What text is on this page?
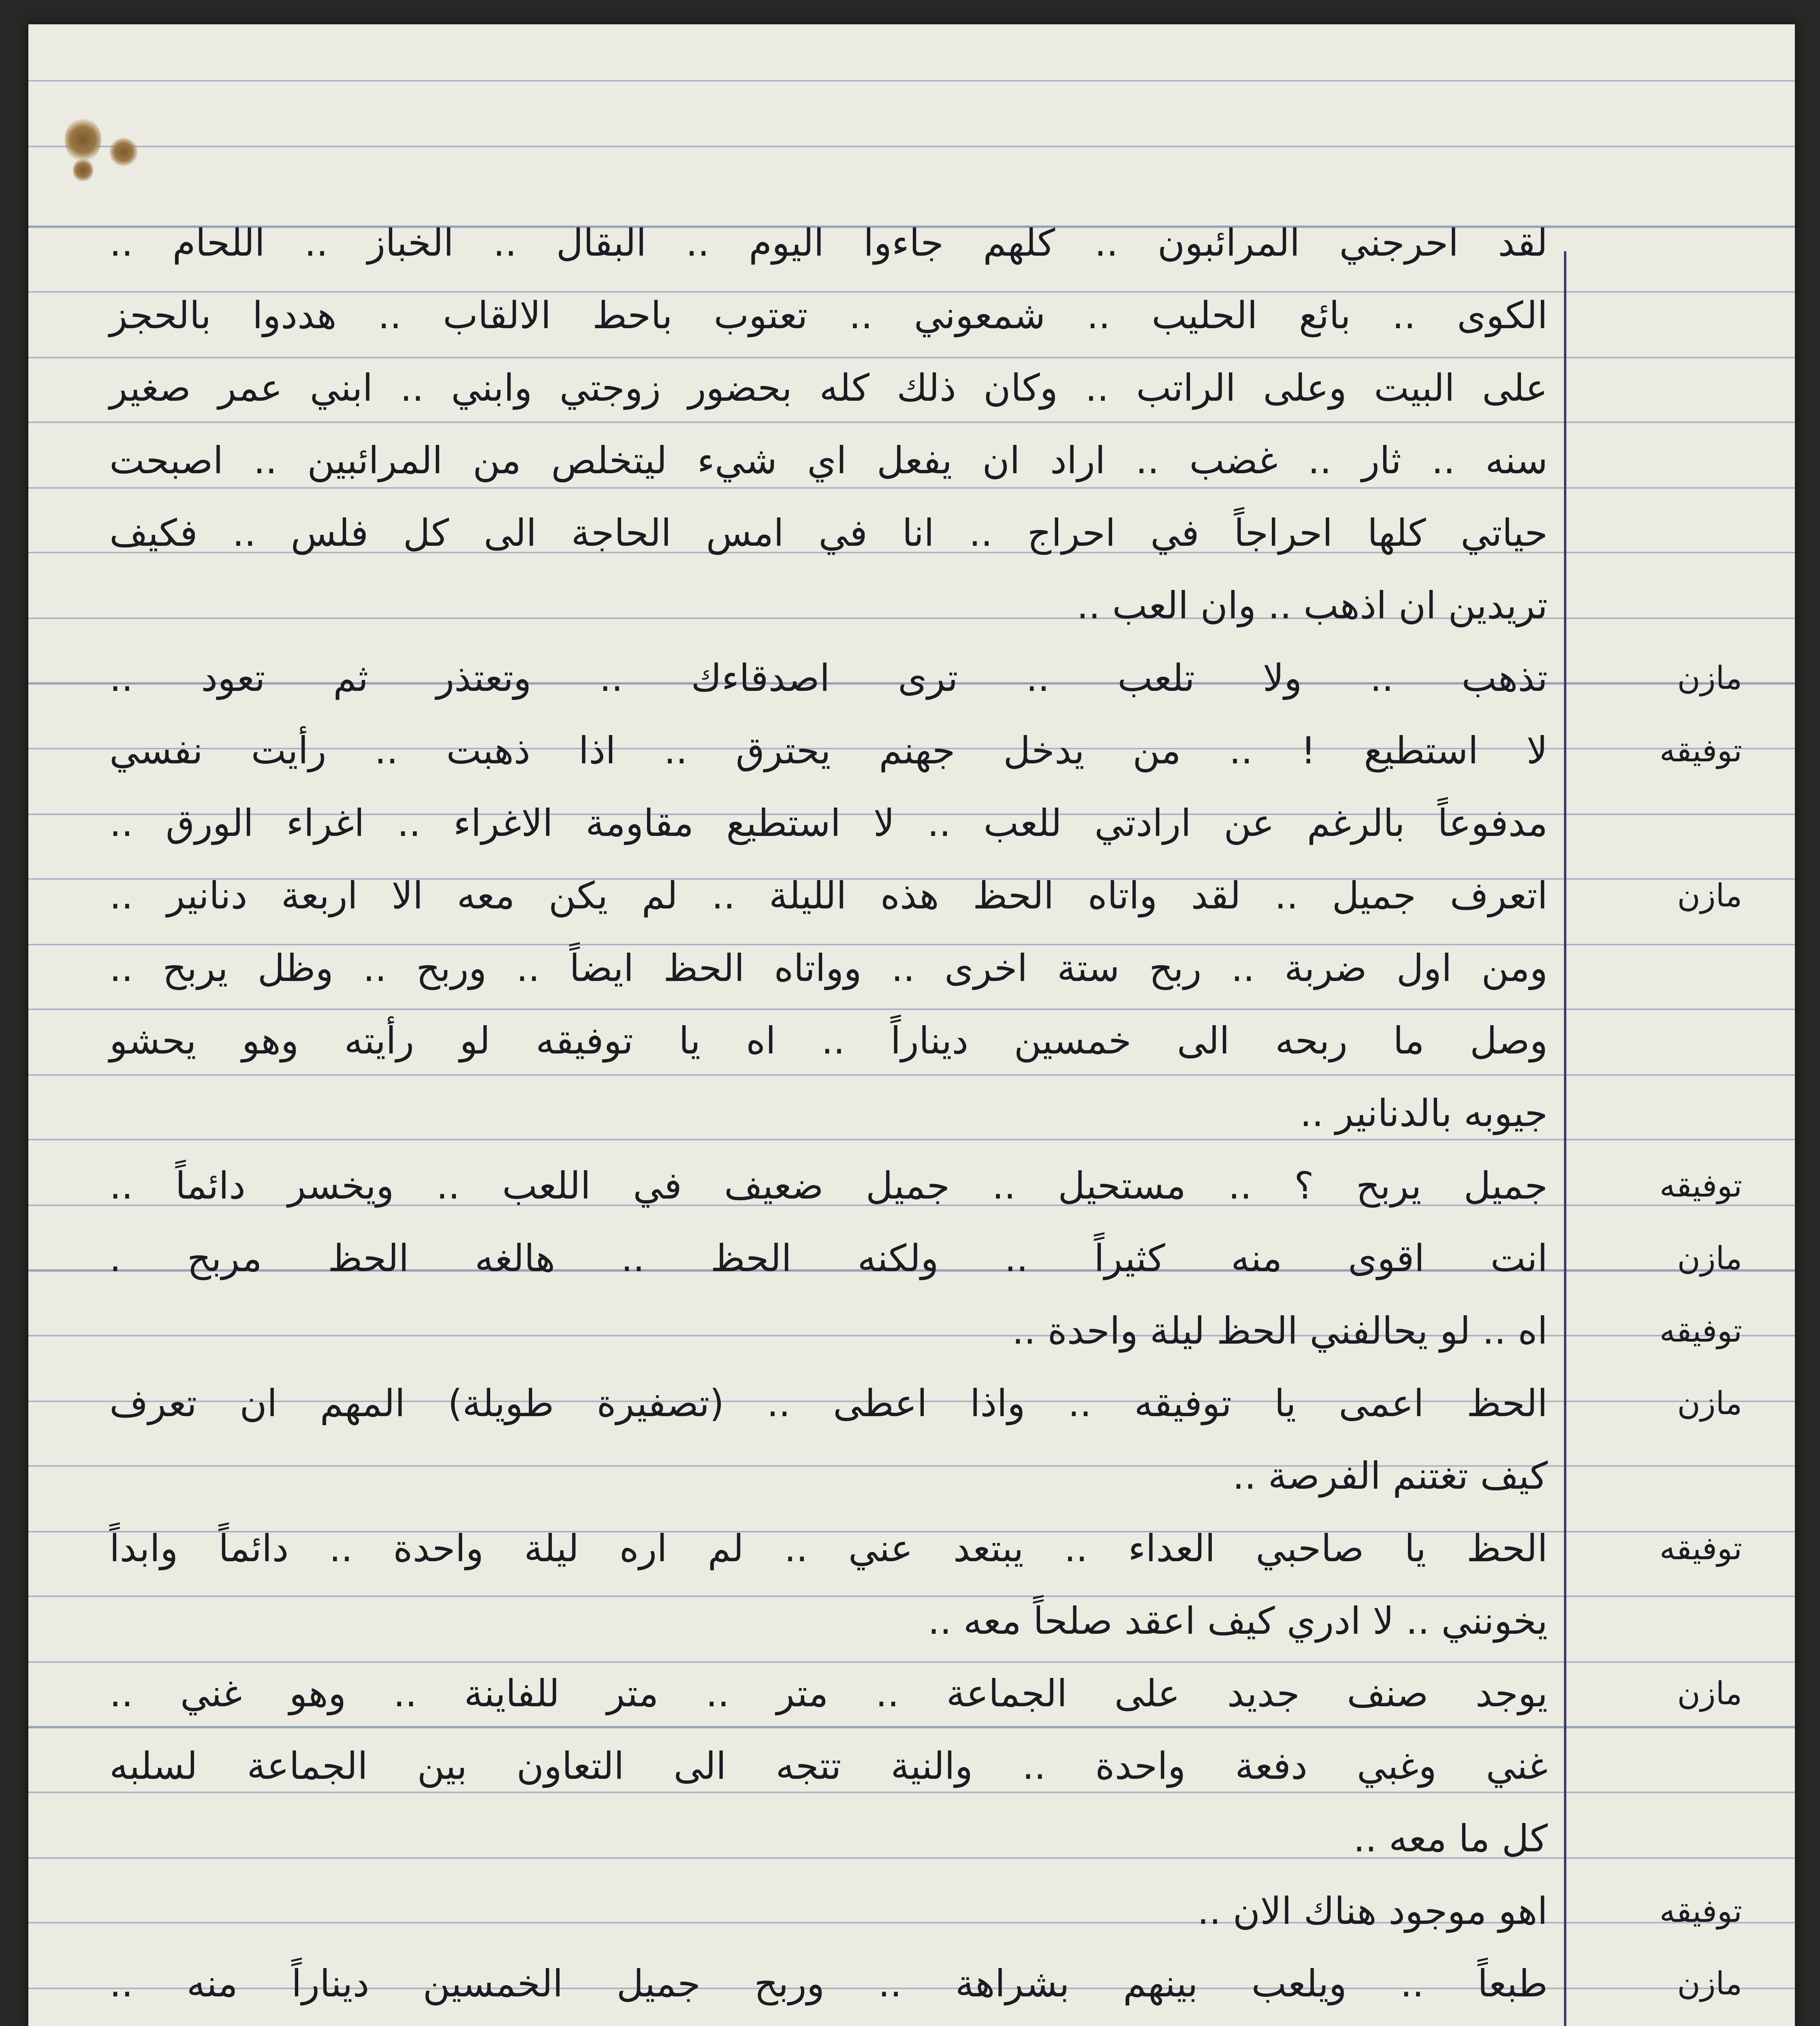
لقد احرجني المرائبون .. كلهم جاءوا اليوم .. البقال .. الخباز .. اللحام ..
الكوى .. بائع الحليب .. شمعوني .. تعتوب باحط الالقاب .. هددوا بالحجز
على البيت وعلى الراتب .. وكان ذلك كله بحضور زوجتي وابني .. ابني عمر صغير
سنه .. ثار .. غضب .. اراد ان يفعل اي شيء ليتخلص من المرائبين .. اصبحت
حياتي كلها احراجاً في احراج .. انا في امس الحاجة الى كل فلس .. فكيف
تريدين ان اذهب .. وان العب ..
تذهب .. ولا تلعب .. ترى اصدقاءك .. وتعتذر ثم تعود ..
لا استطيع ! .. من يدخل جهنم يحترق .. اذا ذهبت .. رأيت نفسي
مدفوعاً بالرغم عن ارادتي للعب .. لا استطيع مقاومة الاغراء .. اغراء الورق ..
اتعرف جميل .. لقد واتاه الحظ هذه الليلة .. لم يكن معه الا اربعة دنانير ..
ومن اول ضربة .. ربح ستة اخرى .. وواتاه الحظ ايضاً .. وربح .. وظل يربح ..
وصل ما ربحه الى خمسين ديناراً .. اه يا توفيقه لو رأيته وهو يحشو
جيوبه بالدنانير ..
جميل يربح ؟ .. مستحيل .. جميل ضعيف في اللعب .. ويخسر دائماً ..
انت اقوى منه كثيراً .. ولكنه الحظ .. هالغه الحظ مربح .
اه .. لو يحالفني الحظ ليلة واحدة ..
الحظ اعمى يا توفيقه .. واذا اعطى .. (تصفيرة طويلة) المهم ان تعرف
كيف تغتنم الفرصة ..
الحظ يا صاحبي العداء .. يبتعد عني .. لم اره ليلة واحدة .. دائماً وابداً
يخونني .. لا ادري كيف اعقد صلحاً معه ..
يوجد صنف جديد على الجماعة .. متر .. متر للفاينة .. وهو غني ..
غني وغبي دفعة واحدة .. والنية تتجه الى التعاون بين الجماعة لسلبه
كل ما معه ..
اهو موجود هناك الان ..
طبعاً .. ويلعب بينهم بشراهة .. وربح جميل الخمسين ديناراً منه ..
مازن
توفيقه
مازن
توفيقه
مازن
توفيقه
مازن
توفيقه
مازن
توفيقه
مازن
